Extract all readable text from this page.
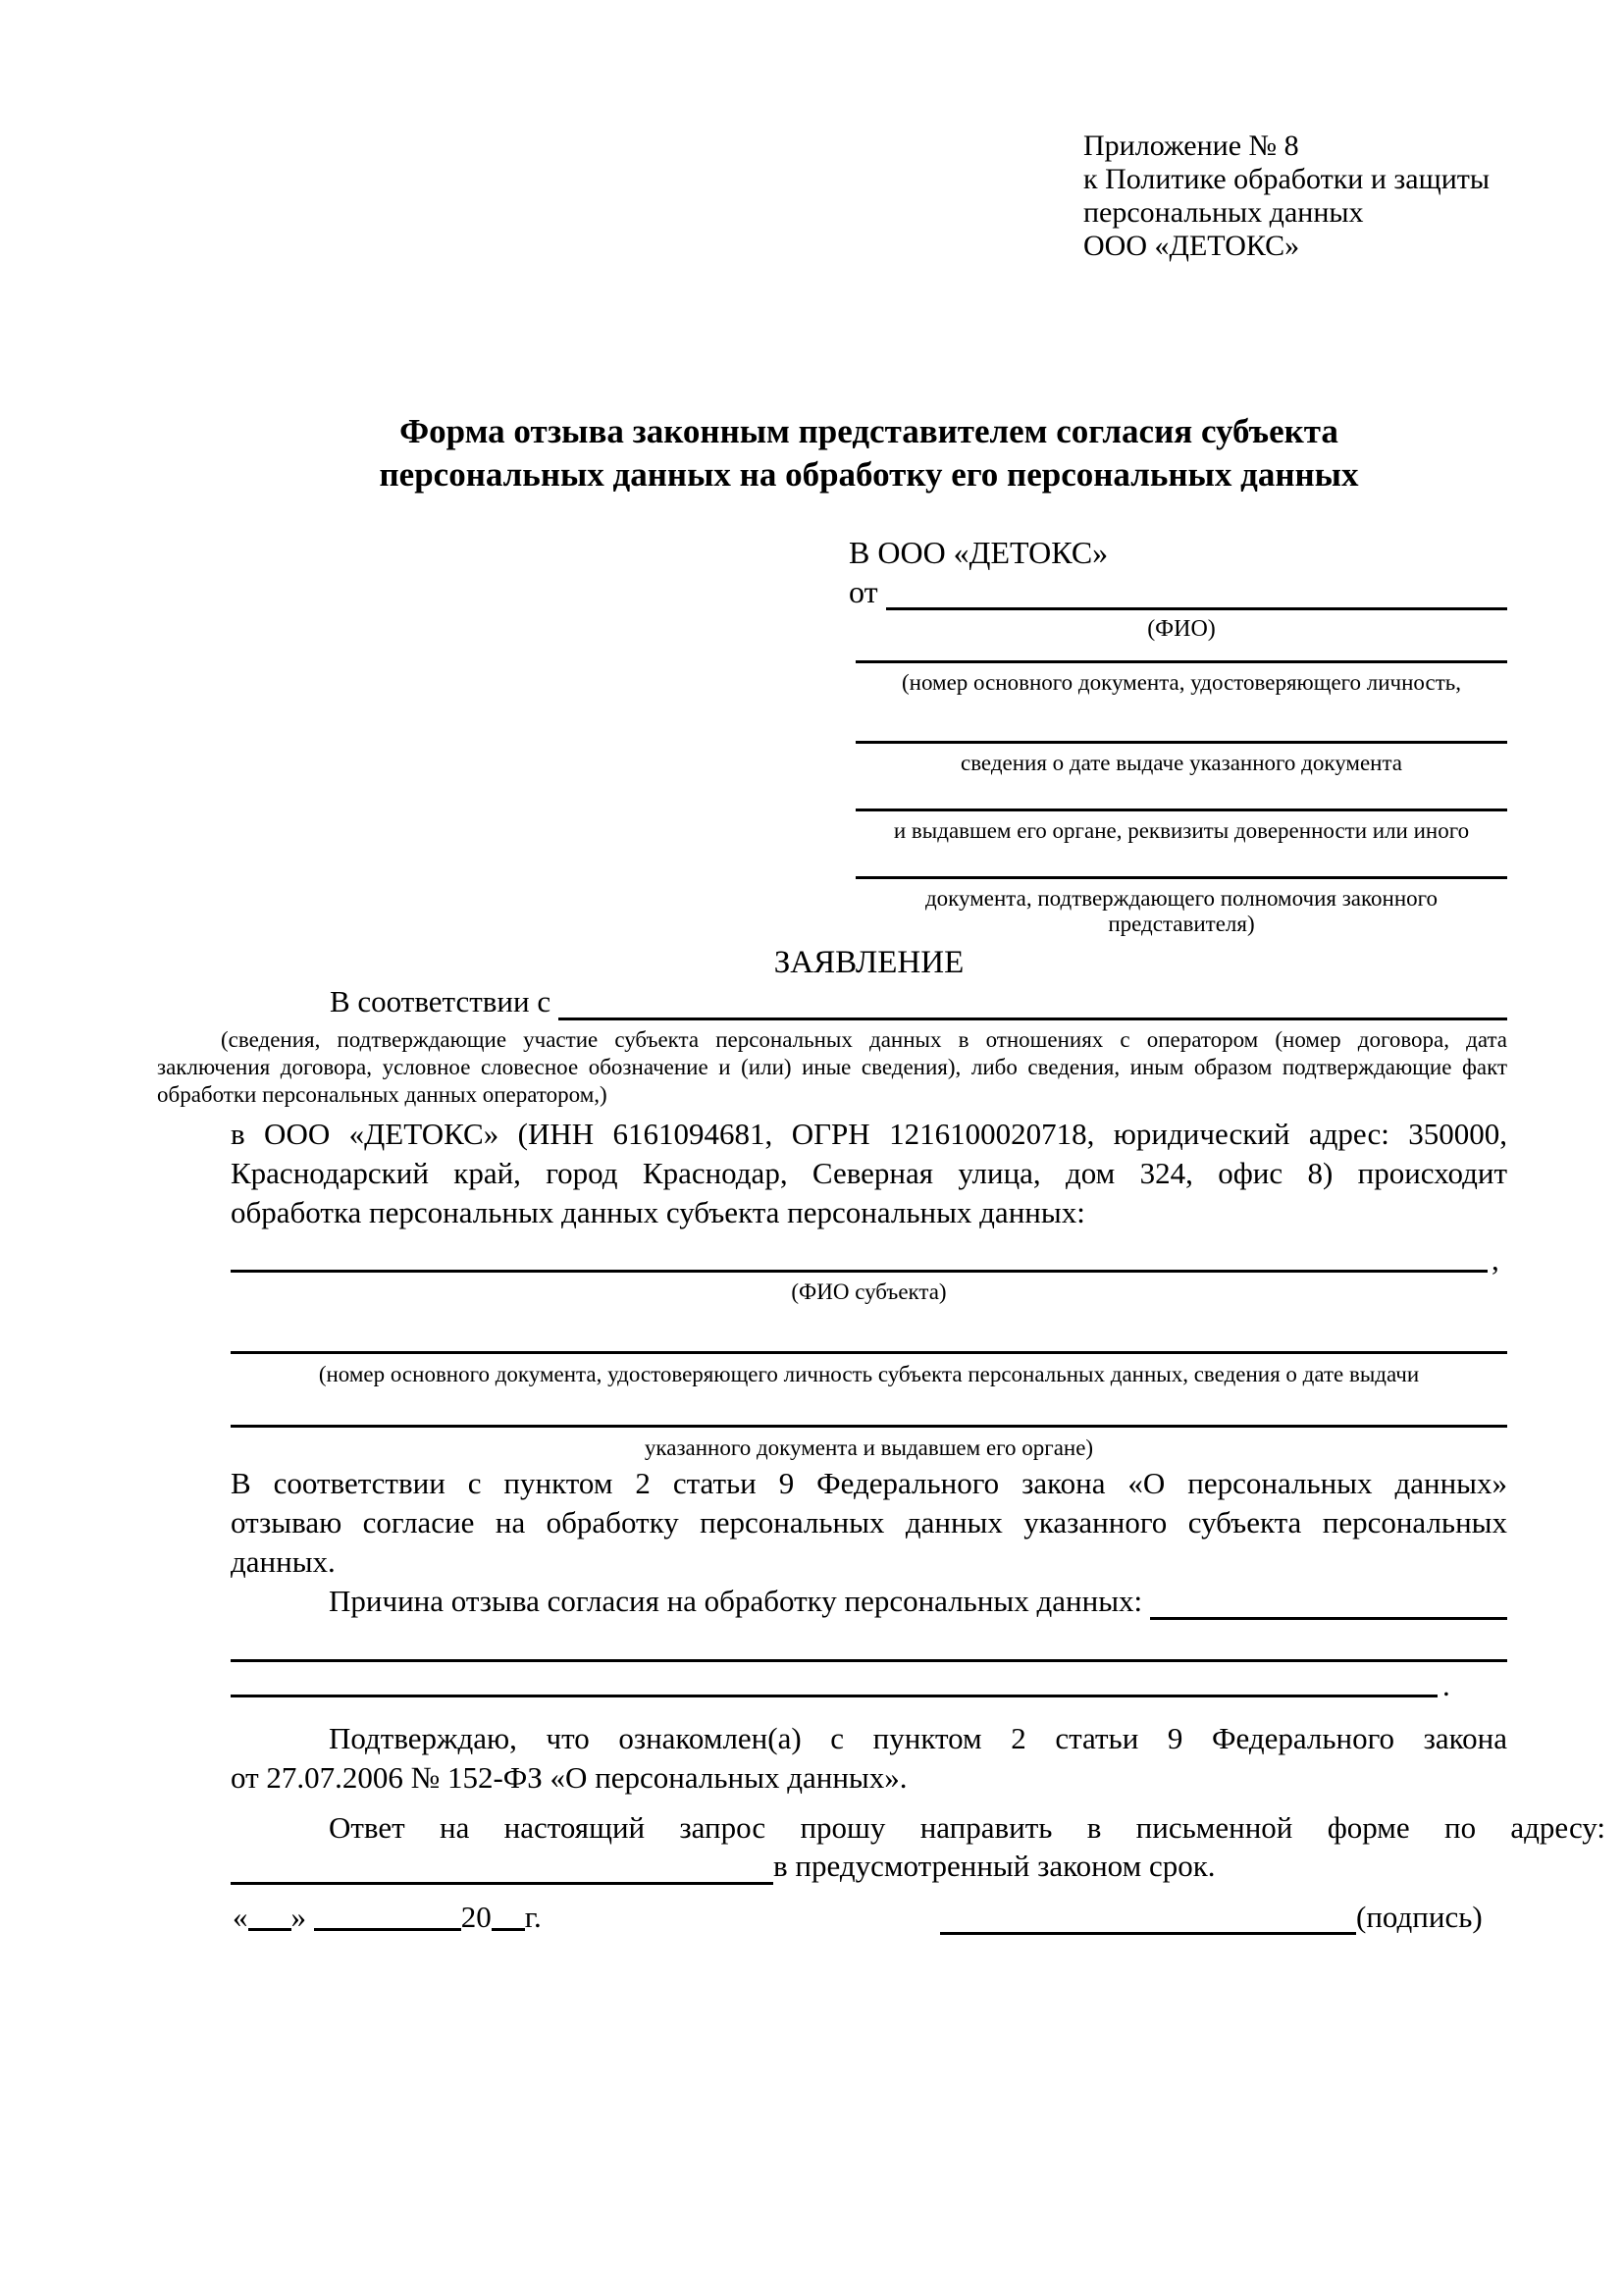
Приложение № 8
к Политике обработки и защиты
персональных данных
ООО «ДЕТОКС»
Форма отзыва законным представителем согласия субъекта
персональных данных на обработку его персональных данных
В ООО «ДЕТОКС»
от
(ФИО)
(номер основного документа, удостоверяющего личность,
сведения о дате выдаче указанного документа
и выдавшем его органе, реквизиты доверенности или иного
документа, подтверждающего полномочия законного представителя)
ЗАЯВЛЕНИЕ
В соответствии с
(сведения, подтверждающие участие субъекта персональных данных в отношениях с оператором (номер договора, дата
заключения договора, условное словесное обозначение и (или) иные сведения), либо сведения, иным образом подтверждающие факт
обработки персональных данных оператором,)
в ООО «ДЕТОКС» (ИНН 6161094681, ОГРН 1216100020718, юридический адрес: 350000,
Краснодарский край, город Краснодар, Северная улица, дом 324, офис 8) происходит
обработка персональных данных субъекта персональных данных:
,
(ФИО субъекта)
(номер основного документа, удостоверяющего личность субъекта персональных данных, сведения о дате выдачи
указанного документа и выдавшем его органе)
В соответствии с пунктом 2 статьи 9 Федерального закона «О персональных данных»
отзываю согласие на обработку персональных данных указанного субъекта персональных
данных.
Причина отзыва согласия на обработку персональных данных:
.
Подтверждаю, что ознакомлен(а) с пунктом 2 статьи 9 Федерального закона
от 27.07.2006 № 152-ФЗ «О персональных данных».
Ответ на настоящий запрос прошу направить в письменной форме по адресу:
в предусмотренный законом срок.
« »	20 г.	(подпись)
